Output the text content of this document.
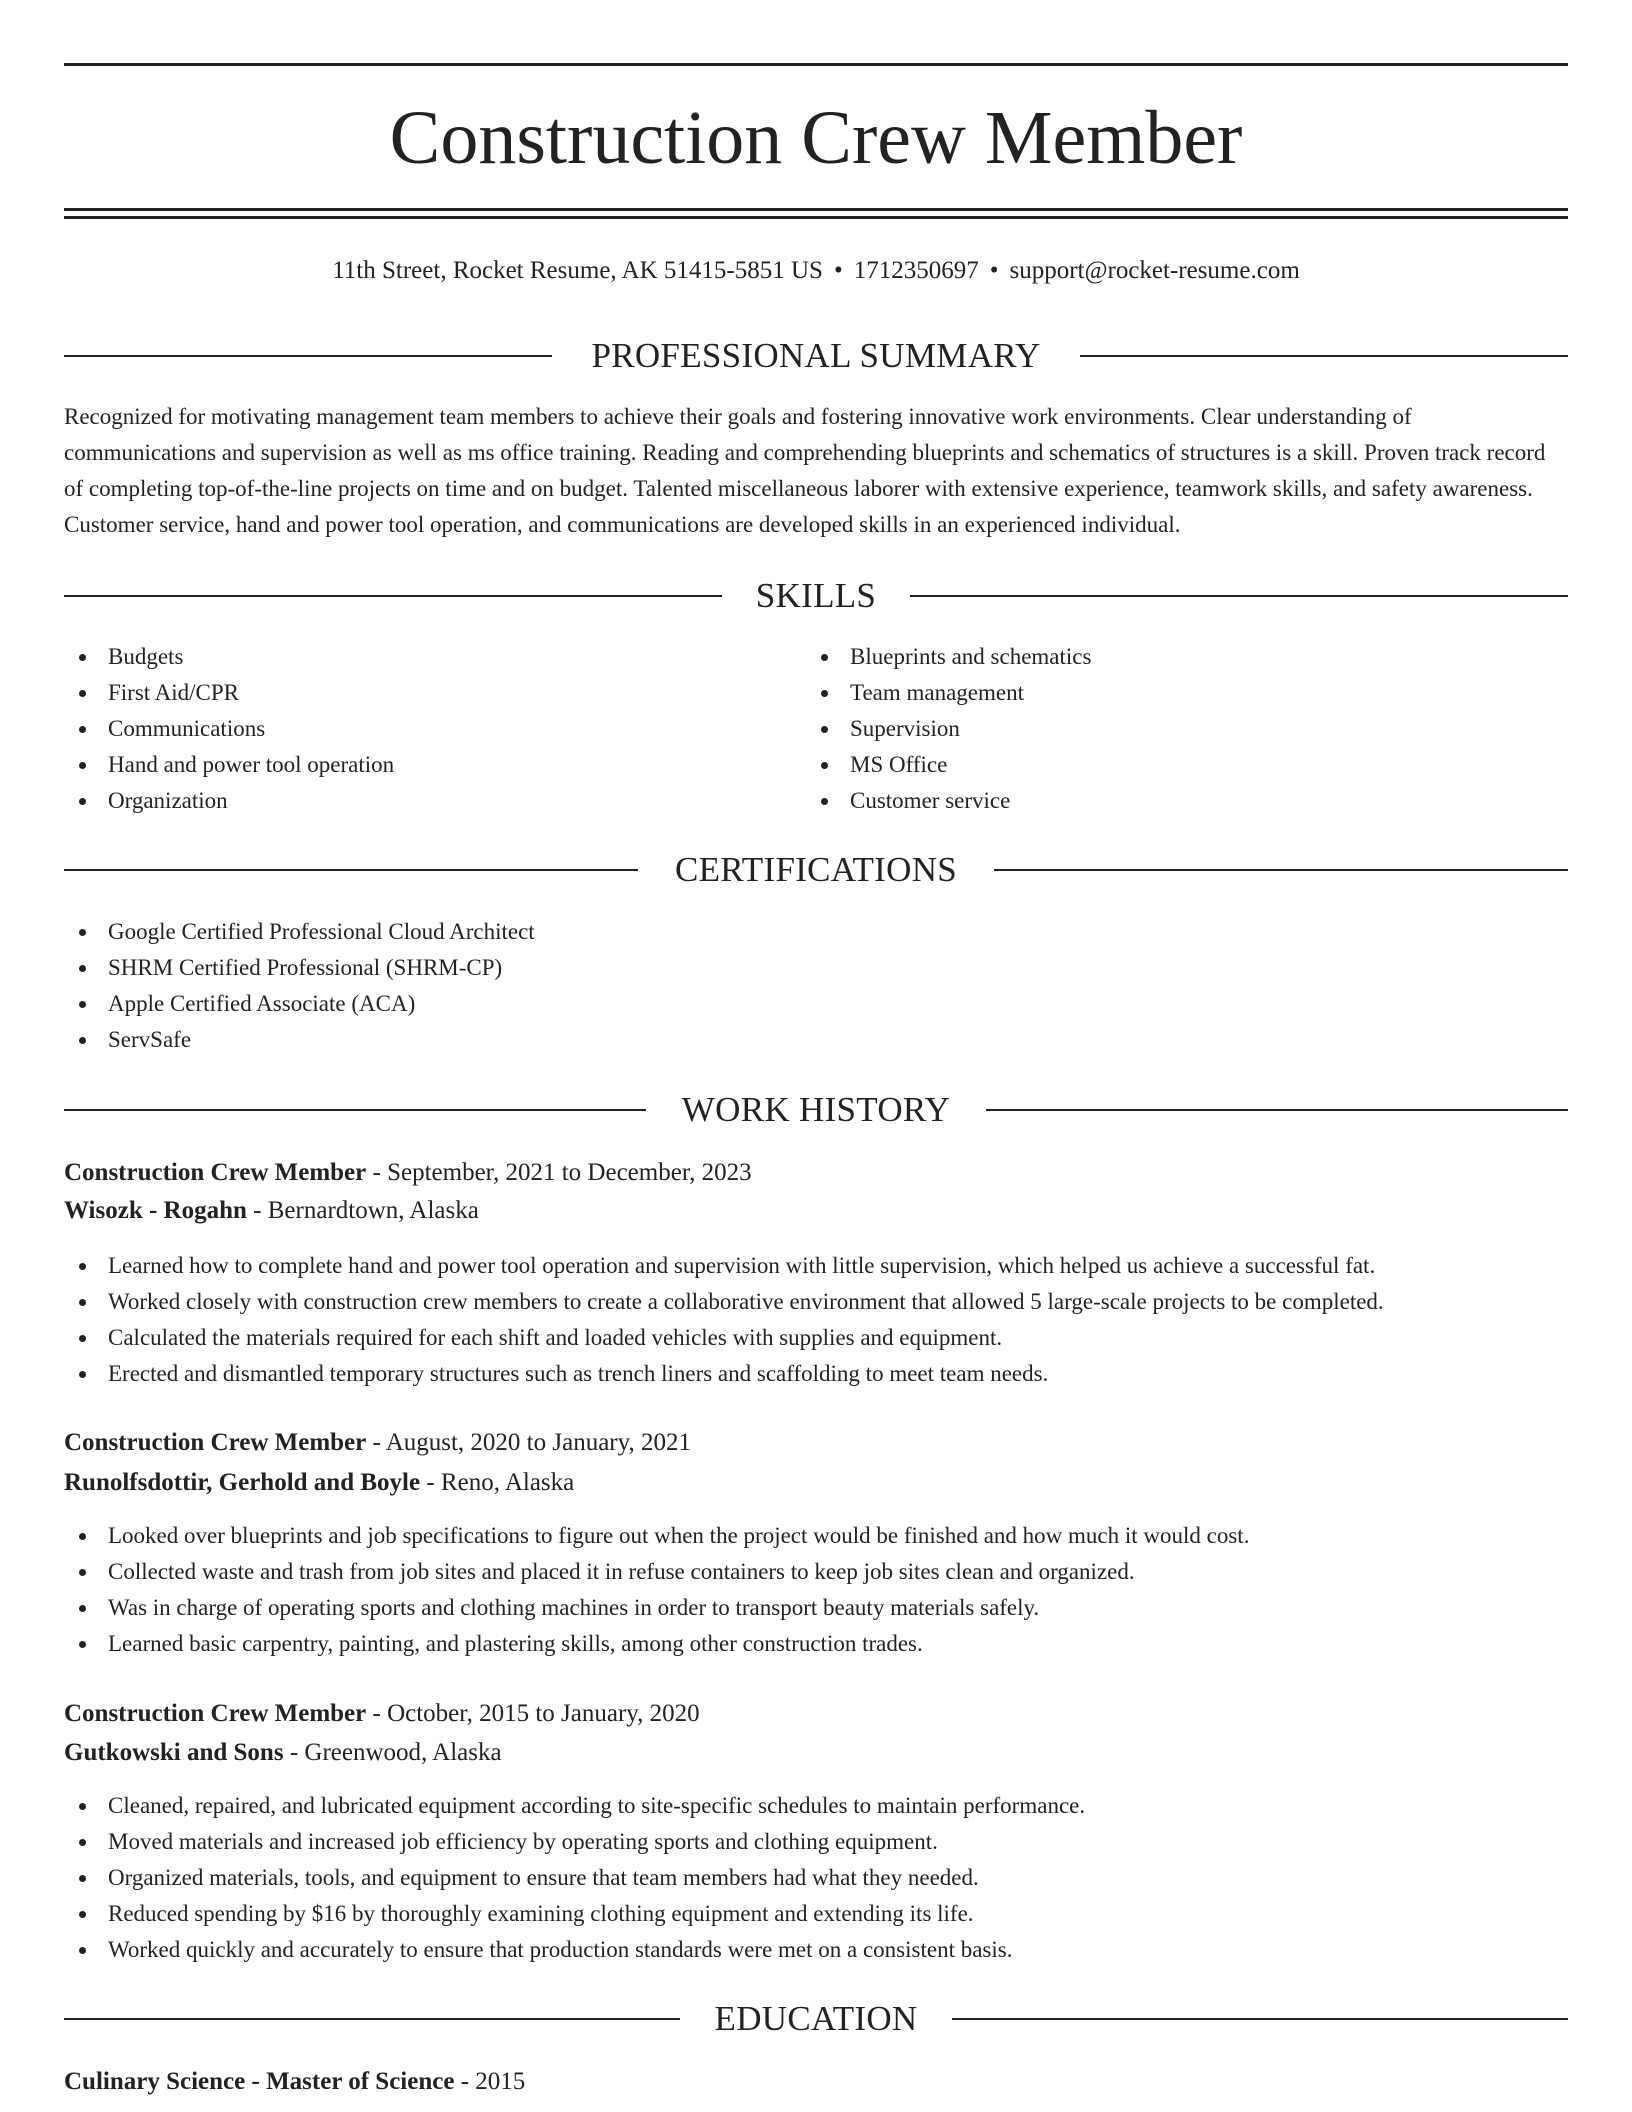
Construction Crew Member
11th Street, Rocket Resume, AK 51415-5851 US • 1712350697 • support@rocket-resume.com
PROFESSIONAL SUMMARY

Recognized for motivating management team members to achieve their goals and fostering innovative work environments. Clear understanding of communications and supervision as well as ms office training. Reading and comprehending blueprints and schematics of structures is a skill. Proven track record of completing top-of-the-line projects on time and on budget. Talented miscellaneous laborer with extensive experience, teamwork skills, and safety awareness. Customer service, hand and power tool operation, and communications are developed skills in an experienced individual.

SKILLS
Budgets
First Aid/CPR
Communications
Hand and power tool operation
Organization
Blueprints and schematics
Team management
Supervision
MS Office
Customer service
CERTIFICATIONS
Google Certified Professional Cloud Architect
SHRM Certified Professional (SHRM-CP)
Apple Certified Associate (ACA)
ServSafe
WORK HISTORY
Construction Crew Member - September, 2021 to December, 2023
Wisozk - Rogahn - Bernardtown, Alaska
Learned how to complete hand and power tool operation and supervision with little supervision, which helped us achieve a successful fat.
Worked closely with construction crew members to create a collaborative environment that allowed 5 large-scale projects to be completed.
Calculated the materials required for each shift and loaded vehicles with supplies and equipment.
Erected and dismantled temporary structures such as trench liners and scaffolding to meet team needs.
Construction Crew Member - August, 2020 to January, 2021
Runolfsdottir, Gerhold and Boyle - Reno, Alaska
Looked over blueprints and job specifications to figure out when the project would be finished and how much it would cost.
Collected waste and trash from job sites and placed it in refuse containers to keep job sites clean and organized.
Was in charge of operating sports and clothing machines in order to transport beauty materials safely.
Learned basic carpentry, painting, and plastering skills, among other construction trades.
Construction Crew Member - October, 2015 to January, 2020
Gutkowski and Sons - Greenwood, Alaska
Cleaned, repaired, and lubricated equipment according to site-specific schedules to maintain performance.
Moved materials and increased job efficiency by operating sports and clothing equipment.
Organized materials, tools, and equipment to ensure that team members had what they needed.
Reduced spending by $16 by thoroughly examining clothing equipment and extending its life.
Worked quickly and accurately to ensure that production standards were met on a consistent basis.
EDUCATION
Culinary Science - Master of Science - 2015
